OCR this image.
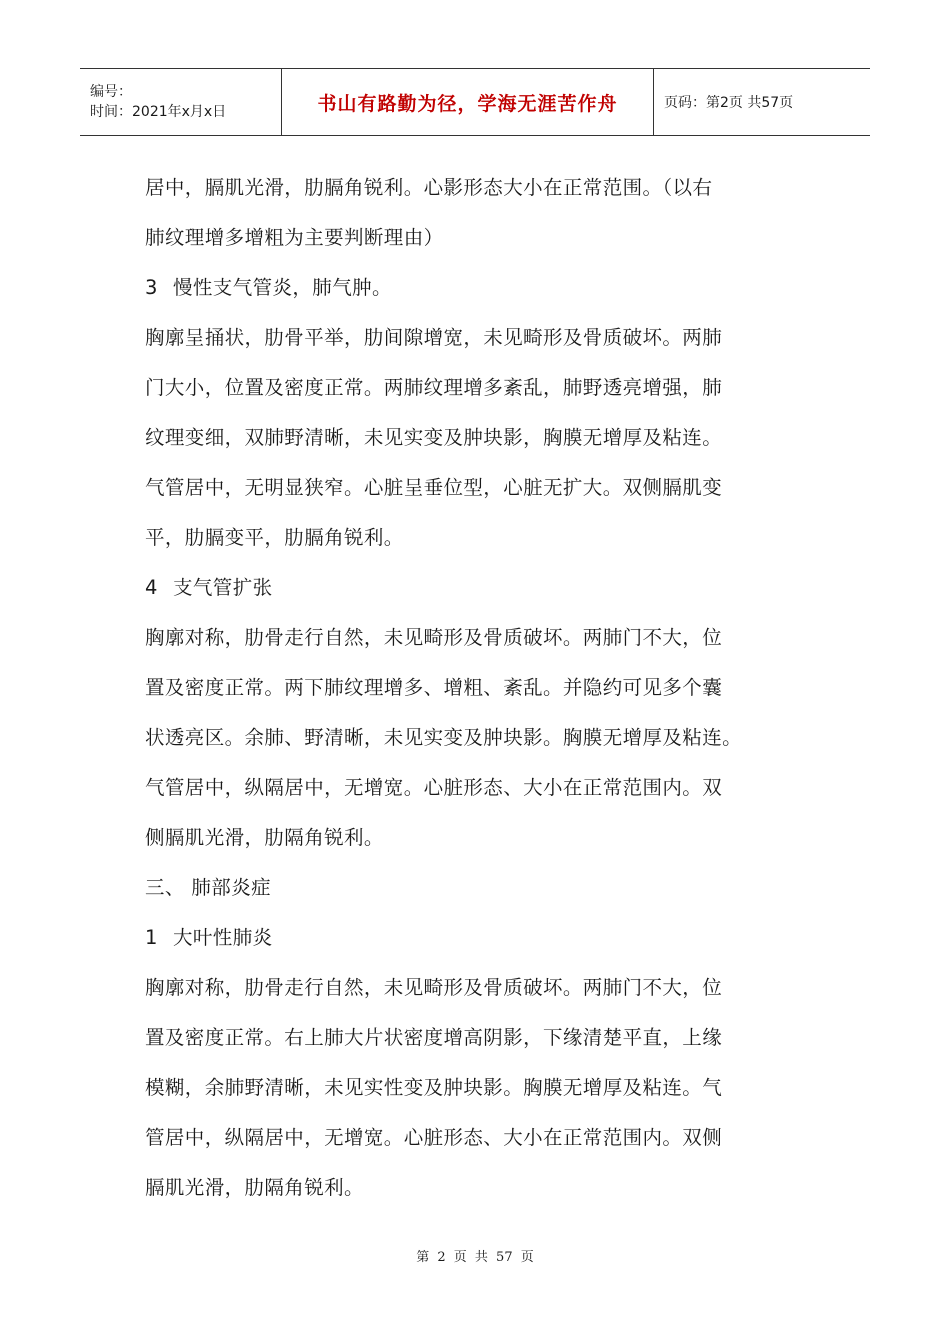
编号：
时间：2021年x月x日	书山有路勤为径，学海无涯苦作舟	页码：第2页 共57页
居中，膈肌光滑，肋膈角锐利。心影形态大小在正常范围。（以右
肺纹理增多增粗为主要判断理由）
3 慢性支气管炎，肺气肿。
胸廓呈捅状，肋骨平举，肋间隙增宽，未见畸形及骨质破坏。两肺
门大小，位置及密度正常。两肺纹理增多紊乱，肺野透亮增强，肺
纹理变细，双肺野清晰，未见实变及肿块影，胸膜无增厚及粘连。
气管居中，无明显狭窄。心脏呈垂位型，心脏无扩大。双侧膈肌变
平，肋膈变平，肋膈角锐利。
4 支气管扩张
胸廓对称，肋骨走行自然，未见畸形及骨质破坏。两肺门不大，位
置及密度正常。两下肺纹理增多、增粗、紊乱。并隐约可见多个囊
状透亮区。余肺、野清晰，未见实变及肿块影。胸膜无增厚及粘连。
气管居中，纵隔居中，无增宽。心脏形态、大小在正常范围内。双
侧膈肌光滑，肋隔角锐利。
三、 肺部炎症
1 大叶性肺炎
胸廓对称，肋骨走行自然，未见畸形及骨质破坏。两肺门不大，位
置及密度正常。右上肺大片状密度增高阴影，下缘清楚平直，上缘
模糊，余肺野清晰，未见实性变及肿块影。胸膜无增厚及粘连。气
管居中，纵隔居中，无增宽。心脏形态、大小在正常范围内。双侧
膈肌光滑，肋隔角锐利。
第 2 页 共 57 页
